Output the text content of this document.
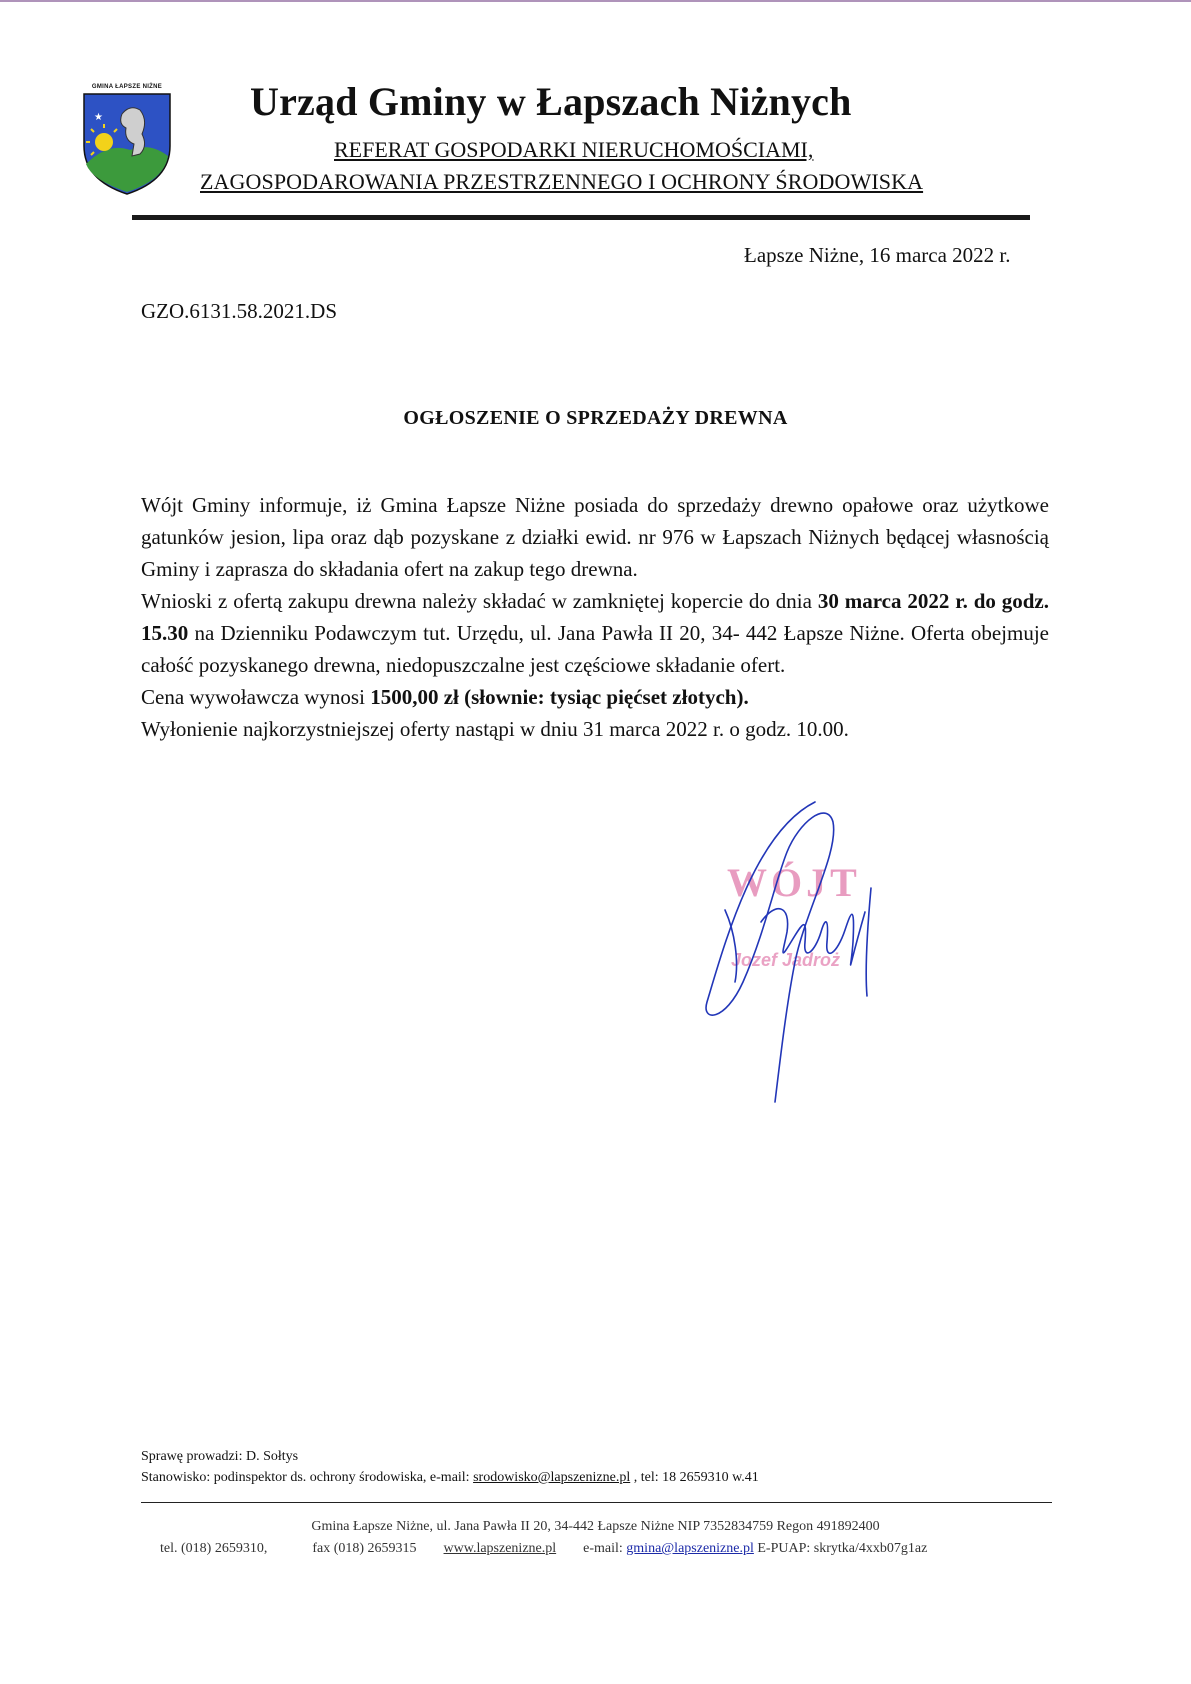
GMINA ŁAPSZE NIŻNE
★	Urząd Gminy w Łapszach Niżnych
REFERAT GOSPODARKI NIERUCHOMOŚCIAMI,
ZAGOSPODAROWANIA PRZESTRZENNEGO I OCHRONY ŚRODOWISKA
Łapsze Niżne, 16 marca 2022 r.
GZO.6131.58.2021.DS
OGŁOSZENIE O SPRZEDAŻY DREWNA

Wójt Gminy informuje, iż Gmina Łapsze Niżne posiada do sprzedaży drewno opałowe oraz użytkowe gatunków jesion, lipa oraz dąb pozyskane z działki ewid. nr 976 w Łapszach Niżnych będącej własnością Gminy i zaprasza do składania ofert na zakup tego drewna.

Wnioski z ofertą zakupu drewna należy składać w zamkniętej kopercie do dnia 30 marca 2022 r. do godz. 15.30 na Dzienniku Podawczym tut. Urzędu, ul. Jana Pawła II 20, 34- 442 Łapsze Niżne. Oferta obejmuje całość pozyskanego drewna, niedopuszczalne jest częściowe składanie ofert.

Cena wywoławcza wynosi 1500,00 zł (słownie: tysiąc pięćset złotych).

Wyłonienie najkorzystniejszej oferty nastąpi w dniu 31 marca 2022 r. o godz. 10.00.

WÓJT
Jozef Jadroż
Sprawę prowadzi: D. Sołtys
Stanowisko: podinspektor ds. ochrony środowiska, e-mail: srodowisko@lapszenizne.pl , tel: 18 2659310 w.41
Gmina Łapsze Niżne, ul. Jana Pawła II 20, 34-442 Łapsze Niżne NIP 7352834759 Regon 491892400
tel. (018) 2659310,	fax (018) 2659315 www.lapszenizne.pl e-mail: gmina@lapszenizne.pl E-PUAP: skrytka/4xxb07g1az
